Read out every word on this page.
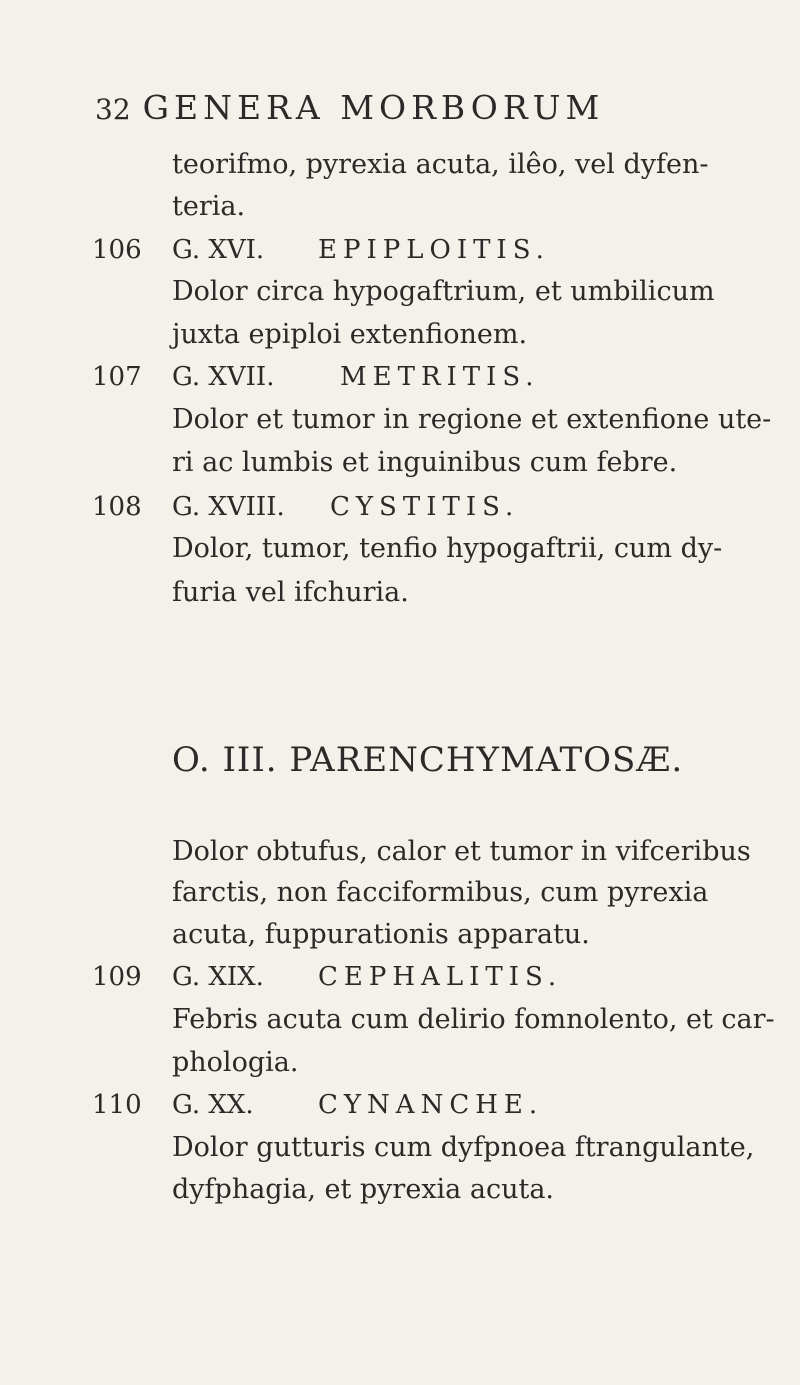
32 GENERA MORBORUM
teorifmo, pyrexia acuta, ilêo, vel dyfen-
teria.
106 G. XVI. EPIPLOITIS.
Dolor circa hypogaftrium, et umbilicum
juxta epiploi extenfionem.
107 G. XVII.	METRITIS.
Dolor et tumor in regione et extenfione ute-
ri ac lumbis et inguinibus cum febre.
108 G. XVIII. CYSTITIS.
Dolor, tumor, tenfio hypogaftrii, cum dy-
furia vel ifchuria.
O. III. PARENCHYMATOSÆ.
Dolor obtufus, calor et tumor in vifceribus
farctis, non facciformibus, cum pyrexia
acuta, fuppurationis apparatu.
109 G. XIX. CEPHALITIS.
Febris acuta cum delirio fomnolento, et car-
phologia.
110 G. XX. CYNANCHE.
Dolor gutturis cum dyfpnoea ftrangulante,
dyfphagia, et pyrexia acuta.
